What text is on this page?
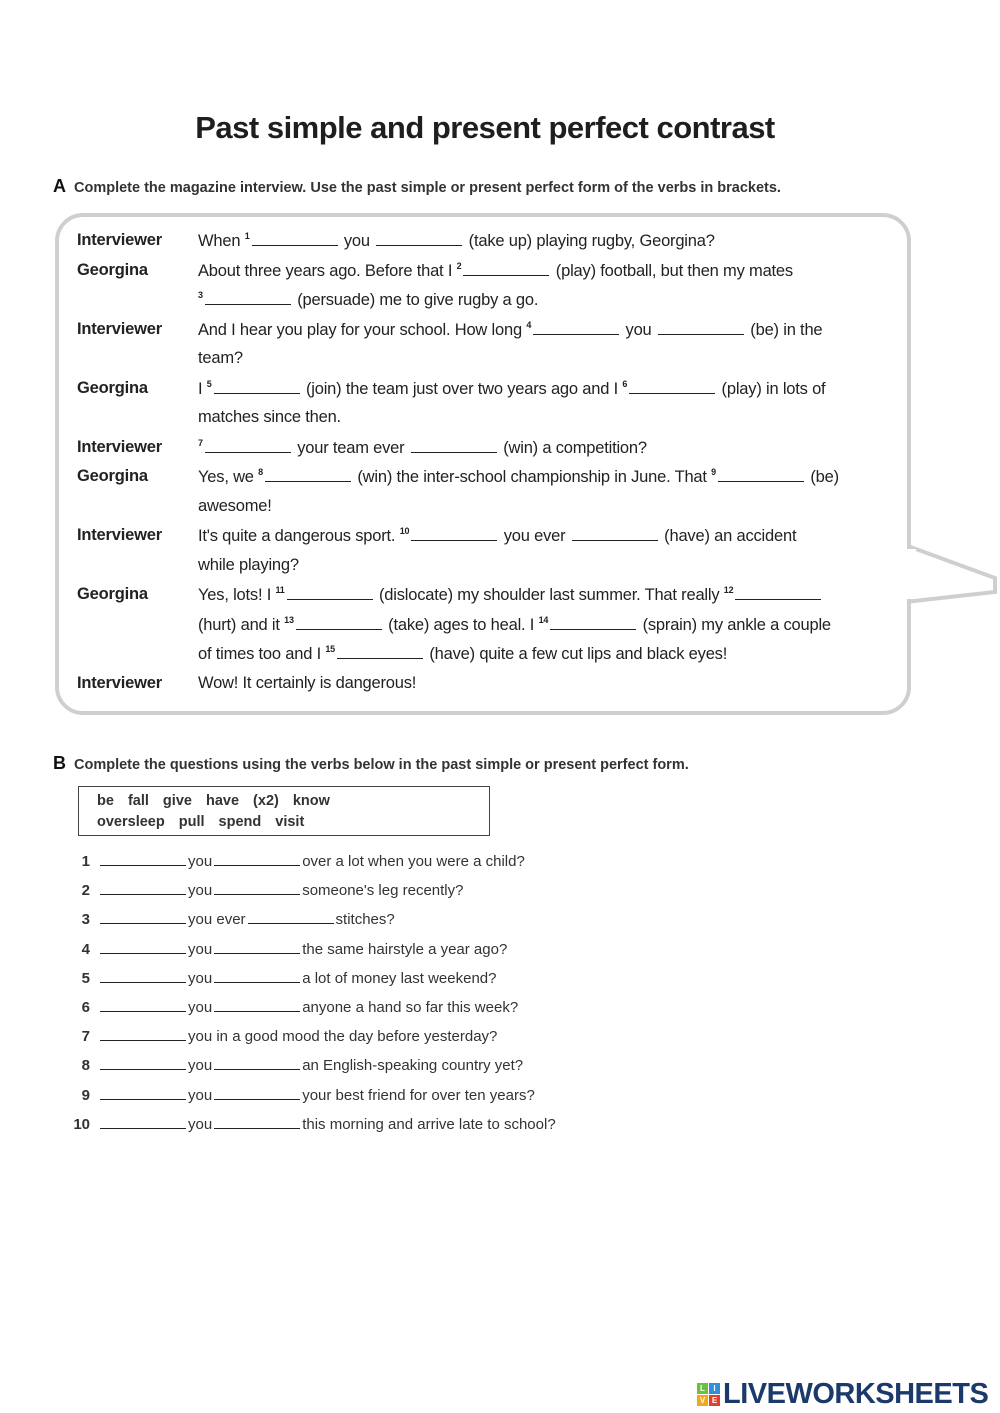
Past simple and present perfect contrast
A Complete the magazine interview. Use the past simple or present perfect form of the verbs in brackets.
Interviewer	When $^1$	you	(take up) playing rugby, Georgina?
Georgina	About three years ago. Before that I $^2$	(play) football, but then my mates
$^3$	(persuade) me to give rugby a go.
Interviewer	And I hear you play for your school. How long $^4$	you	(be) in the
team?
Georgina	I $^5$	(join) the team just over two years ago and I $^6$	(play) in lots of
matches since then.
Interviewer	$^7$	your team ever	(win) a competition?
Georgina	Yes, we $^8$	(win) the inter-school championship in June. That $^9$	(be)
awesome!
Interviewer	It's quite a dangerous sport. $^{10}$	you ever	(have) an accident
while playing?
Georgina	Yes, lots! I $^{11}$	(dislocate) my shoulder last summer. That really $^{12}$
(hurt) and it $^{13}$	(take) ages to heal. I $^{14}$	(sprain) my ankle a couple
of times too and I $^{15}$	(have) quite a few cut lips and black eyes!
Interviewer	Wow! It certainly is dangerous!
B Complete the questions using the verbs below in the past simple or present perfect form.
be fall give have (x2) know
oversleep pull spend visit
1	you	over a lot when you were a child?
2	you	someone's leg recently?
3	you ever	stitches?
4	you	the same hairstyle a year ago?
5	you	a lot of money last weekend?
6	you	anyone a hand so far this week?
7	you in a good mood the day before yesterday?
8	you	an English-speaking country yet?
9	you	your best friend for over ten years?
10	you	this morning and arrive late to school?
L	I
V E LIVEWORKSHEETS
